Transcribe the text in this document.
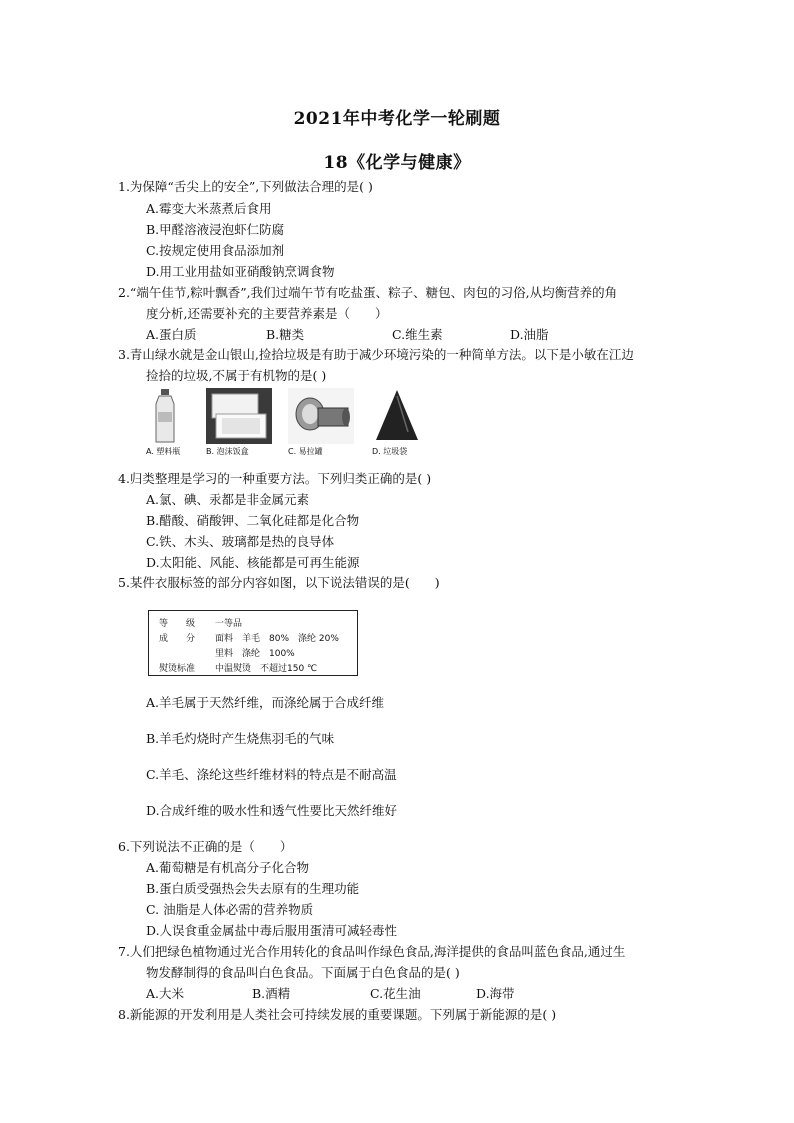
2021年中考化学一轮刷题
18《化学与健康》
1.为保障“舌尖上的安全”,下列做法合理的是( )
A.霉变大米蒸煮后食用
B.甲醛溶液浸泡虾仁防腐
C.按规定使用食品添加剂
D.用工业用盐如亚硝酸钠烹调食物
2.“端午佳节,粽叶飘香”,我们过端午节有吃盐蛋、粽子、糖包、肉包的习俗,从均衡营养的角
度分析,还需要补充的主要营养素是（　　）
A.蛋白质	B.糖类	C.维生素	D.油脂
3.青山绿水就是金山银山,捡拾垃圾是有助于减少环境污染的一种简单方法。以下是小敏在江边
捡拾的垃圾,不属于有机物的是( )
A. 塑料瓶	B. 泡沫饭盒	C. 易拉罐	D. 垃圾袋
4.归类整理是学习的一种重要方法。下列归类正确的是( )
A.氯、碘、汞都是非金属元素
B.醋酸、硝酸钾、二氧化硅都是化合物
C.铁、木头、玻璃都是热的良导体
D.太阳能、风能、核能都是可再生能源
5.某件衣服标签的部分内容如图，以下说法错误的是(　　)
等　　级 一等品
成　　分 面料　羊毛　80%　涤纶 20%
里料　涤纶　100%
熨烫标准 中温熨烫　不超过150 ℃
A.羊毛属于天然纤维，而涤纶属于合成纤维
B.羊毛灼烧时产生烧焦羽毛的气味
C.羊毛、涤纶这些纤维材料的特点是不耐高温
D.合成纤维的吸水性和透气性要比天然纤维好
6.下列说法不正确的是（　　）
A.葡萄糖是有机高分子化合物
B.蛋白质受强热会失去原有的生理功能
C. 油脂是人体必需的营养物质
D.人误食重金属盐中毒后服用蛋清可减轻毒性
7.人们把绿色植物通过光合作用转化的食品叫作绿色食品,海洋提供的食品叫蓝色食品,通过生
物发酵制得的食品叫白色食品。下面属于白色食品的是( )
A.大米	B.酒精	C.花生油	D.海带
8.新能源的开发利用是人类社会可持续发展的重要课题。下列属于新能源的是( )
